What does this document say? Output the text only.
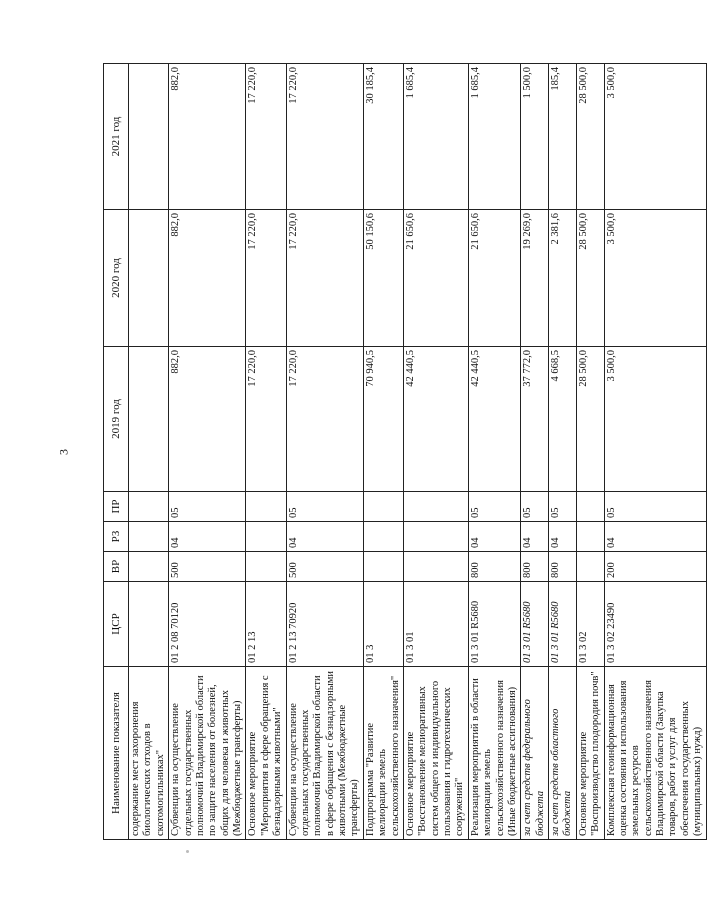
3
Наименование показателя	ЦСР	ВР	РЗ	ПР	2019 год	2020 год	2021 год
содержание мест захоронения биологических отходов в скотомогильниках"							
Субвенции на осуществление отдельных государственных полномочий Владимирской области по защите населения от болезней, общих для человека и животных (Межбюджетные трансферты)	01 2 08 70120	500	04	05	882,0	882,0	882,0
Основное мероприятие "Мероприятия в сфере обращения с безнадзорными животными"	01 2 13				17 220,0	17 220,0	17 220,0
Субвенции на осуществление отдельных государственных полномочий Владимирской области в сфере обращения с безнадзорными животными (Межбюджетные трансферты)	01 2 13 70920	500	04	05	17 220,0	17 220,0	17 220,0
Подпрограмма "Развитие мелиорации земель сельскохозяйственного назначения"	01 3				70 940,5	50 150,6	30 185,4
Основное мероприятие "Восстановление мелиоративных систем общего и индивидуального пользования и гидротехнических сооружений"	01 3 01				42 440,5	21 650,6	1 685,4
Реализация мероприятий в области мелиорации земель сельскохозяйственного назначения (Иные бюджетные ассигнования)	01 3 01 R5680	800	04	05	42 440,5	21 650,6	1 685,4
за счет средств федерального бюджета	01 3 01 R5680	800	04	05	37 772,0	19 269,0	1 500,0
за счет средств областного бюджета	01 3 01 R5680	800	04	05	4 668,5	2 381,6	185,4
Основное мероприятие "Воспроизводство плодородия почв"	01 3 02				28 500,0	28 500,0	28 500,0
Комплексная геоинформационная оценка состояния и использования земельных ресурсов сельскохозяйственного назначения Владимирской области (Закупка товаров, работ и услуг для обеспечения государственных (муниципальных) нужд)	01 3 02 23490	200	04	05	3 500,0	3 500,0	3 500,0
